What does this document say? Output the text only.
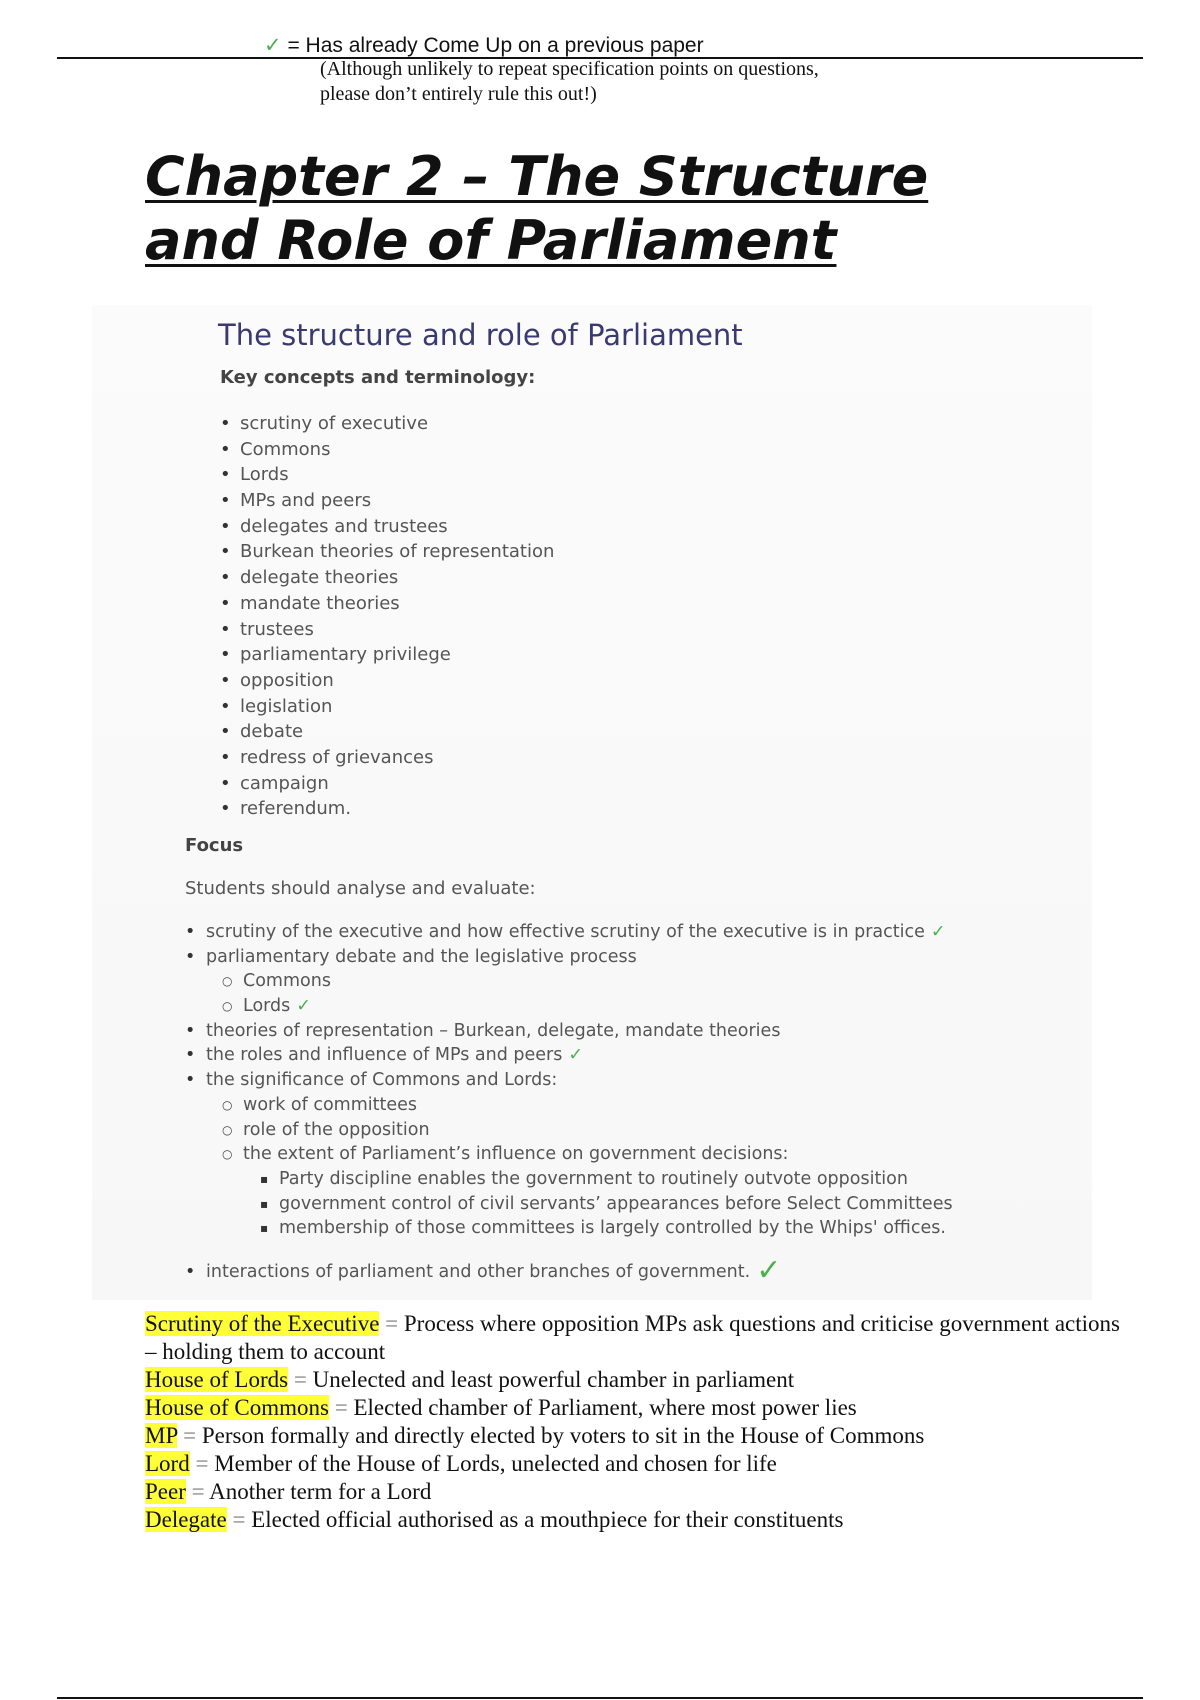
✓ = Has already Come Up on a previous paper
(Although unlikely to repeat specification points on questions,
please don’t entirely rule this out!)
Chapter 2 – The Structure
and Role of Parliament
The structure and role of Parliament
Key concepts and terminology:
• scrutiny of executive
• Commons
• Lords
• MPs and peers
• delegates and trustees
• Burkean theories of representation
• delegate theories
• mandate theories
• trustees
• parliamentary privilege
• opposition
• legislation
• debate
• redress of grievances
• campaign
• referendum.
Focus
Students should analyse and evaluate:
• scrutiny of the executive and how effective scrutiny of the executive is in practice ✓
• parliamentary debate and the legislative process
○ Commons
○ Lords ✓
• theories of representation – Burkean, delegate, mandate theories
• the roles and influence of MPs and peers ✓
• the significance of Commons and Lords:
○ work of committees
○ role of the opposition
○ the extent of Parliament’s influence on government decisions:
▪ Party discipline enables the government to routinely outvote opposition
▪ government control of civil servants’ appearances before Select Committees
▪ membership of those committees is largely controlled by the Whips' offices.
• interactions of parliament and other branches of government. ✓
Scrutiny of the Executive = Process where opposition MPs ask questions and criticise government actions – holding them to account
House of Lords = Unelected and least powerful chamber in parliament
House of Commons = Elected chamber of Parliament, where most power lies
MP = Person formally and directly elected by voters to sit in the House of Commons
Lord = Member of the House of Lords, unelected and chosen for life
Peer = Another term for a Lord
Delegate = Elected official authorised as a mouthpiece for their constituents
